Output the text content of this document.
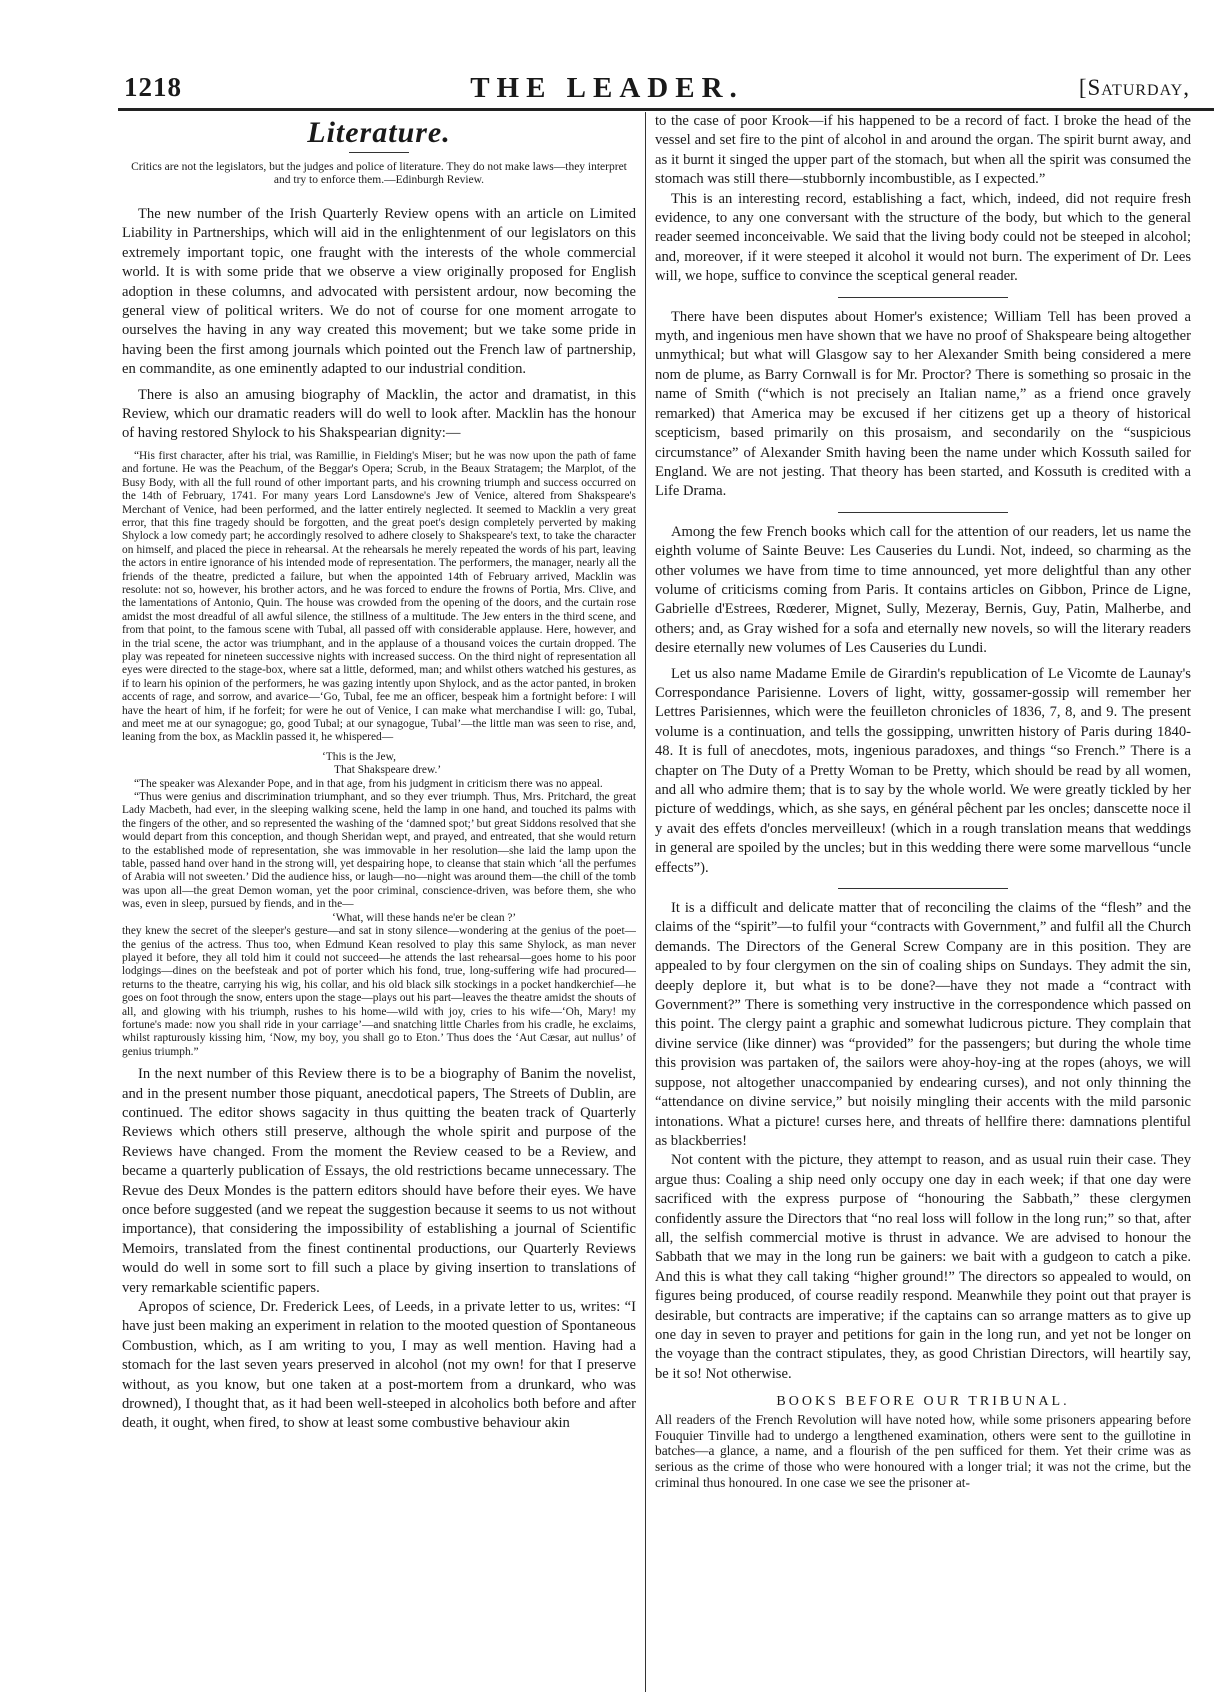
1218	THE LEADER.	[Saturday,
Literature.
Critics are not the legislators, but the judges and police of literature. They do not make laws—they interpret and try to enforce them.—Edinburgh Review.

The new number of the Irish Quarterly Review opens with an article on Limited Liability in Partnerships, which will aid in the enlightenment of our legislators on this extremely important topic, one fraught with the interests of the whole commercial world. It is with some pride that we observe a view originally proposed for English adoption in these columns, and advocated with persistent ardour, now becoming the general view of political writers. We do not of course for one moment arrogate to ourselves the having in any way created this movement; but we take some pride in having been the first among journals which pointed out the French law of partnership, en commandite, as one eminently adapted to our industrial condition.

There is also an amusing biography of Macklin, the actor and dramatist, in this Review, which our dramatic readers will do well to look after. Macklin has the honour of having restored Shylock to his Shakspearian dignity:—

“His first character, after his trial, was Ramillie, in Fielding's Miser; but he was now upon the path of fame and fortune. He was the Peachum, of the Beggar's Opera; Scrub, in the Beaux Stratagem; the Marplot, of the Busy Body, with all the full round of other important parts, and his crowning triumph and success occurred on the 14th of February, 1741. For many years Lord Lansdowne's Jew of Venice, altered from Shakspeare's Merchant of Venice, had been performed, and the latter entirely neglected. It seemed to Macklin a very great error, that this fine tragedy should be forgotten, and the great poet's design completely perverted by making Shylock a low comedy part; he accordingly resolved to adhere closely to Shakspeare's text, to take the character on himself, and placed the piece in rehearsal. At the rehearsals he merely repeated the words of his part, leaving the actors in entire ignorance of his intended mode of representation. The performers, the manager, nearly all the friends of the theatre, predicted a failure, but when the appointed 14th of February arrived, Macklin was resolute: not so, however, his brother actors, and he was forced to endure the frowns of Portia, Mrs. Clive, and the lamentations of Antonio, Quin. The house was crowded from the opening of the doors, and the curtain rose amidst the most dreadful of all awful silence, the stillness of a multitude. The Jew enters in the third scene, and from that point, to the famous scene with Tubal, all passed off with considerable applause. Here, however, and in the trial scene, the actor was triumphant, and in the applause of a thousand voices the curtain dropped. The play was repeated for nineteen successive nights with increased success. On the third night of representation all eyes were directed to the stage-box, where sat a little, deformed, man; and whilst others watched his gestures, as if to learn his opinion of the performers, he was gazing intently upon Shylock, and as the actor panted, in broken accents of rage, and sorrow, and avarice—‘Go, Tubal, fee me an officer, bespeak him a fortnight before: I will have the heart of him, if he forfeit; for were he out of Venice, I can make what merchandise I will: go, Tubal, and meet me at our synagogue; go, good Tubal; at our synagogue, Tubal’—the little man was seen to rise, and, leaning from the box, as Macklin passed it, he whispered—

‘This is the Jew,

That Shakspeare drew.’

“The speaker was Alexander Pope, and in that age, from his judgment in criticism there was no appeal.

“Thus were genius and discrimination triumphant, and so they ever triumph. Thus, Mrs. Pritchard, the great Lady Macbeth, had ever, in the sleeping walking scene, held the lamp in one hand, and touched its palms with the fingers of the other, and so represented the washing of the ‘damned spot;’ but great Siddons resolved that she would depart from this conception, and though Sheridan wept, and prayed, and entreated, that she would return to the established mode of representation, she was immovable in her resolution—she laid the lamp upon the table, passed hand over hand in the strong will, yet despairing hope, to cleanse that stain which ‘all the perfumes of Arabia will not sweeten.’ Did the audience hiss, or laugh—no—night was around them—the chill of the tomb was upon all—the great Demon woman, yet the poor criminal, conscience-driven, was before them, she who was, even in sleep, pursued by fiends, and in the—

‘What, will these hands ne'er be clean ?’

they knew the secret of the sleeper's gesture—and sat in stony silence—wondering at the genius of the poet—the genius of the actress. Thus too, when Edmund Kean resolved to play this same Shylock, as man never played it before, they all told him it could not succeed—he attends the last rehearsal—goes home to his poor lodgings—dines on the beefsteak and pot of porter which his fond, true, long-suffering wife had procured—returns to the theatre, carrying his wig, his collar, and his old black silk stockings in a pocket handkerchief—he goes on foot through the snow, enters upon the stage—plays out his part—leaves the theatre amidst the shouts of all, and glowing with his triumph, rushes to his home—wild with joy, cries to his wife—‘Oh, Mary! my fortune's made: now you shall ride in your carriage’—and snatching little Charles from his cradle, he exclaims, whilst rapturously kissing him, ‘Now, my boy, you shall go to Eton.’ Thus does the ‘Aut Cæsar, aut nullus’ of genius triumph.”

In the next number of this Review there is to be a biography of Banim the novelist, and in the present number those piquant, anecdotical papers, The Streets of Dublin, are continued. The editor shows sagacity in thus quitting the beaten track of Quarterly Reviews which others still preserve, although the whole spirit and purpose of the Reviews have changed. From the moment the Review ceased to be a Review, and became a quarterly publication of Essays, the old restrictions became unnecessary. The Revue des Deux Mondes is the pattern editors should have before their eyes. We have once before suggested (and we repeat the suggestion because it seems to us not without importance), that considering the impossibility of establishing a journal of Scientific Memoirs, translated from the finest continental productions, our Quarterly Reviews would do well in some sort to fill such a place by giving insertion to translations of very remarkable scientific papers.

Apropos of science, Dr. Frederick Lees, of Leeds, in a private letter to us, writes: “I have just been making an experiment in relation to the mooted question of Spontaneous Combustion, which, as I am writing to you, I may as well mention. Having had a stomach for the last seven years preserved in alcohol (not my own! for that I preserve without, as you know, but one taken at a post-mortem from a drunkard, who was drowned), I thought that, as it had been well-steeped in alcoholics both before and after death, it ought, when fired, to show at least some combustive behaviour akin

to the case of poor Krook—if his happened to be a record of fact. I broke the head of the vessel and set fire to the pint of alcohol in and around the organ. The spirit burnt away, and as it burnt it singed the upper part of the stomach, but when all the spirit was consumed the stomach was still there—stubbornly incombustible, as I expected.”

This is an interesting record, establishing a fact, which, indeed, did not require fresh evidence, to any one conversant with the structure of the body, but which to the general reader seemed inconceivable. We said that the living body could not be steeped in alcohol; and, moreover, if it were steeped it alcohol it would not burn. The experiment of Dr. Lees will, we hope, suffice to convince the sceptical general reader.

There have been disputes about Homer's existence; William Tell has been proved a myth, and ingenious men have shown that we have no proof of Shakspeare being altogether unmythical; but what will Glasgow say to her Alexander Smith being considered a mere nom de plume, as Barry Cornwall is for Mr. Proctor? There is something so prosaic in the name of Smith (“which is not precisely an Italian name,” as a friend once gravely remarked) that America may be excused if her citizens get up a theory of historical scepticism, based primarily on this prosaism, and secondarily on the “suspicious circumstance” of Alexander Smith having been the name under which Kossuth sailed for England. We are not jesting. That theory has been started, and Kossuth is credited with a Life Drama.

Among the few French books which call for the attention of our readers, let us name the eighth volume of Sainte Beuve: Les Causeries du Lundi. Not, indeed, so charming as the other volumes we have from time to time announced, yet more delightful than any other volume of criticisms coming from Paris. It contains articles on Gibbon, Prince de Ligne, Gabrielle d'Estrees, Rœderer, Mignet, Sully, Mezeray, Bernis, Guy, Patin, Malherbe, and others; and, as Gray wished for a sofa and eternally new novels, so will the literary readers desire eternally new volumes of Les Causeries du Lundi.

Let us also name Madame Emile de Girardin's republication of Le Vicomte de Launay's Correspondance Parisienne. Lovers of light, witty, gossamer-gossip will remember her Lettres Parisiennes, which were the feuilleton chronicles of 1836, 7, 8, and 9. The present volume is a continuation, and tells the gossipping, unwritten history of Paris during 1840-48. It is full of anecdotes, mots, ingenious paradoxes, and things “so French.” There is a chapter on The Duty of a Pretty Woman to be Pretty, which should be read by all women, and all who admire them; that is to say by the whole world. We were greatly tickled by her picture of weddings, which, as she says, en général pêchent par les oncles; danscette noce il y avait des effets d'oncles merveilleux! (which in a rough translation means that weddings in general are spoiled by the uncles; but in this wedding there were some marvellous “uncle effects”).

It is a difficult and delicate matter that of reconciling the claims of the “flesh” and the claims of the “spirit”—to fulfil your “contracts with Government,” and fulfil all the Church demands. The Directors of the General Screw Company are in this position. They are appealed to by four clergymen on the sin of coaling ships on Sundays. They admit the sin, deeply deplore it, but what is to be done?—have they not made a “contract with Government?” There is something very instructive in the correspondence which passed on this point. The clergy paint a graphic and somewhat ludicrous picture. They complain that divine service (like dinner) was “provided” for the passengers; but during the whole time this provision was partaken of, the sailors were ahoy-hoy-ing at the ropes (ahoys, we will suppose, not altogether unaccompanied by endearing curses), and not only thinning the “attendance on divine service,” but noisily mingling their accents with the mild parsonic intonations. What a picture! curses here, and threats of hellfire there: damnations plentiful as blackberries!

Not content with the picture, they attempt to reason, and as usual ruin their case. They argue thus: Coaling a ship need only occupy one day in each week; if that one day were sacrificed with the express purpose of “honouring the Sabbath,” these clergymen confidently assure the Directors that “no real loss will follow in the long run;” so that, after all, the selfish commercial motive is thrust in advance. We are advised to honour the Sabbath that we may in the long run be gainers: we bait with a gudgeon to catch a pike. And this is what they call taking “higher ground!” The directors so appealed to would, on figures being produced, of course readily respond. Meanwhile they point out that prayer is desirable, but contracts are imperative; if the captains can so arrange matters as to give up one day in seven to prayer and petitions for gain in the long run, and yet not be longer on the voyage than the contract stipulates, they, as good Christian Directors, will heartily say, be it so! Not otherwise.

BOOKS BEFORE OUR TRIBUNAL.

All readers of the French Revolution will have noted how, while some prisoners appearing before Fouquier Tinville had to undergo a lengthened examination, others were sent to the guillotine in batches—a glance, a name, and a flourish of the pen sufficed for them. Yet their crime was as serious as the crime of those who were honoured with a longer trial; it was not the crime, but the criminal thus honoured. In one case we see the prisoner at-
